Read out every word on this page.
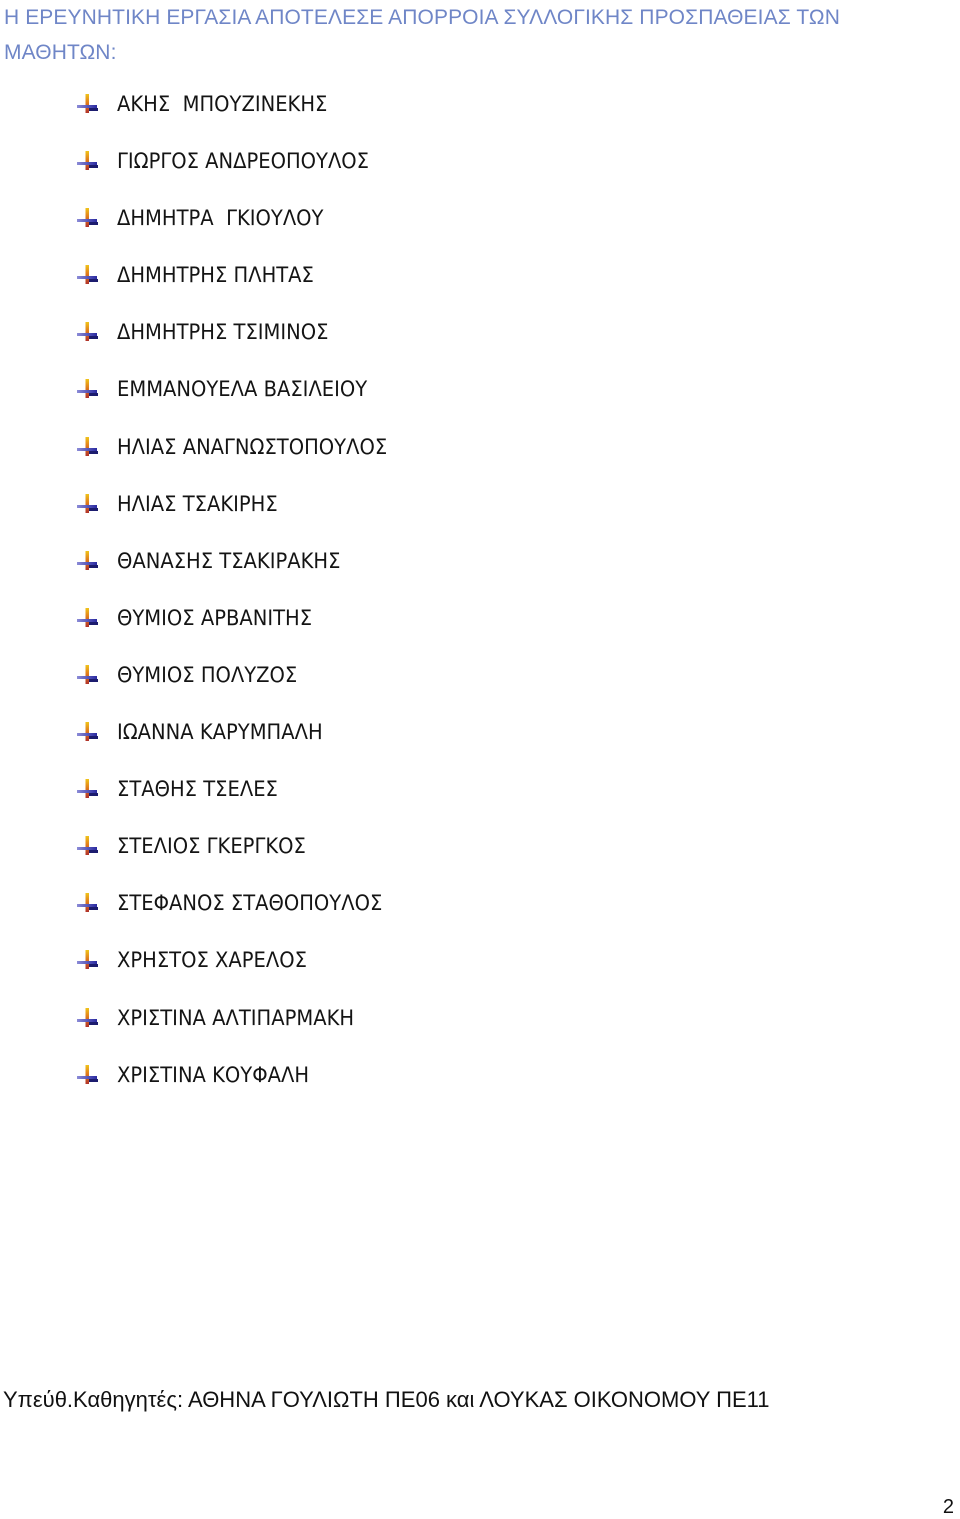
Η ΕΡΕΥΝΗΤΙΚΗ ΕΡΓΑΣΙΑ ΑΠΟΤΕΛΕΣΕ ΑΠΟΡΡΟΙΑ ΣΥΛΛΟΓΙΚΗΣ ΠΡΟΣΠΑΘΕΙΑΣ ΤΩΝ ΜΑΘΗΤΩΝ:
ΑΚΗΣ  ΜΠΟΥΖΙΝΕΚΗΣ
ΓΙΩΡΓΟΣ ΑΝΔΡΕΟΠΟΥΛΟΣ
ΔΗΜΗΤΡΑ  ΓΚΙΟΥΛΟΥ
ΔΗΜΗΤΡΗΣ ΠΛΗΤΑΣ
ΔΗΜΗΤΡΗΣ ΤΣΙΜΙΝΟΣ
ΕΜΜΑΝΟΥΕΛΑ ΒΑΣΙΛΕΙΟΥ
ΗΛΙΑΣ ΑΝΑΓΝΩΣΤΟΠΟΥΛΟΣ
ΗΛΙΑΣ ΤΣΑΚΙΡΗΣ
ΘΑΝΑΣΗΣ ΤΣΑΚΙΡΑΚΗΣ
ΘΥΜΙΟΣ ΑΡΒΑΝΙΤΗΣ
ΘΥΜΙΟΣ ΠΟΛΥΖΟΣ
ΙΩΑΝΝΑ ΚΑΡΥΜΠΑΛΗ
ΣΤΑΘΗΣ ΤΣΕΛΕΣ
ΣΤΕΛΙΟΣ ΓΚΕΡΓΚΟΣ
ΣΤΕΦΑΝΟΣ ΣΤΑΘΟΠΟΥΛΟΣ
ΧΡΗΣΤΟΣ ΧΑΡΕΛΟΣ
ΧΡΙΣΤΙΝΑ ΑΛΤΙΠΑΡΜΑΚΗ
ΧΡΙΣΤΙΝΑ ΚΟΥΦΑΛΗ
Υπεύθ.Καθηγητές: ΑΘΗΝΑ ΓΟΥΛΙΩΤΗ ΠΕ06 και ΛΟΥΚΑΣ ΟΙΚΟΝΟΜΟΥ ΠΕ11
2
